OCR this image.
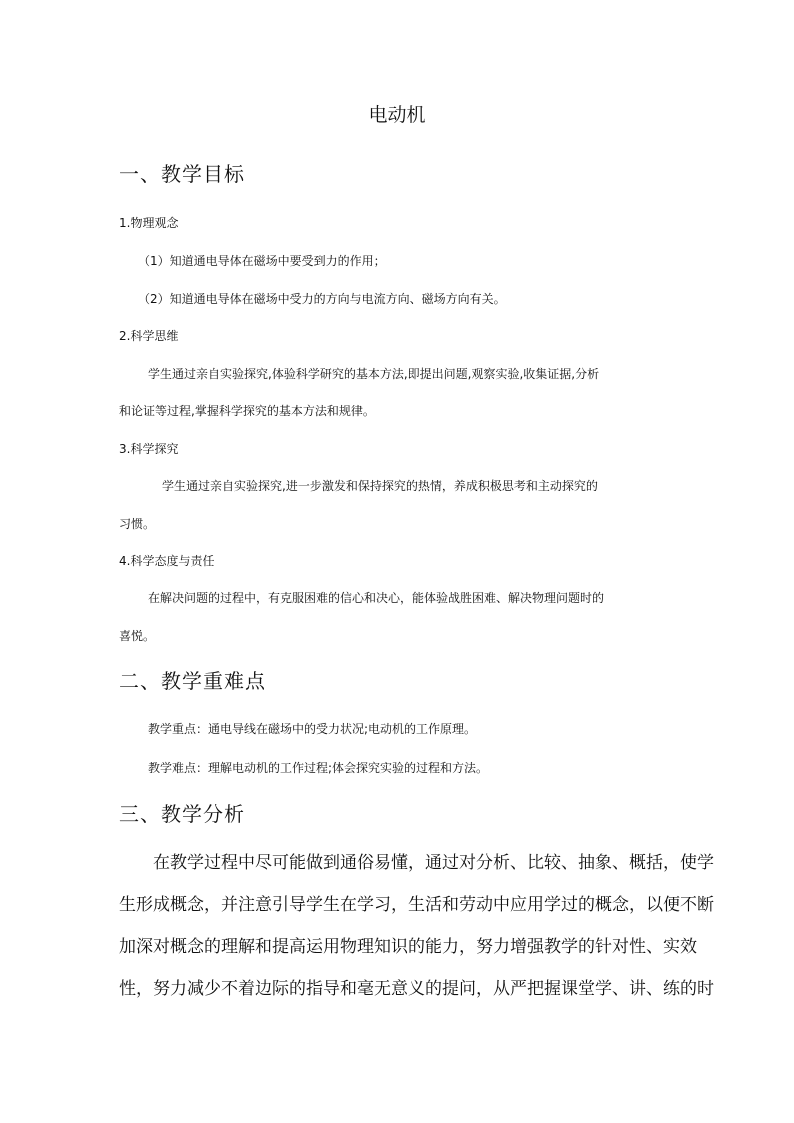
电动机
一、教学目标
1.物理观念
（1）知道通电导体在磁场中要受到力的作用；
（2）知道通电导体在磁场中受力的方向与电流方向、磁场方向有关。
2.科学思维
学生通过亲自实验探究,体验科学研究的基本方法,即提出问题,观察实验,收集证据,分析
和论证等过程,掌握科学探究的基本方法和规律。
3.科学探究
学生通过亲自实验探究,进一步激发和保持探究的热情，养成积极思考和主动探究的
习惯。
4.科学态度与责任
在解决问题的过程中，有克服困难的信心和决心，能体验战胜困难、解决物理问题时的
喜悦。
二、教学重难点
教学重点：通电导线在磁场中的受力状况;电动机的工作原理。
教学难点：理解电动机的工作过程;体会探究实验的过程和方法。
三、教学分析
在教学过程中尽可能做到通俗易懂，通过对分析、比较、抽象、概括，使学
生形成概念，并注意引导学生在学习，生活和劳动中应用学过的概念，以便不断
加深对概念的理解和提高运用物理知识的能力，努力增强教学的针对性、实效
性，努力减少不着边际的指导和毫无意义的提问，从严把握课堂学、讲、练的时
